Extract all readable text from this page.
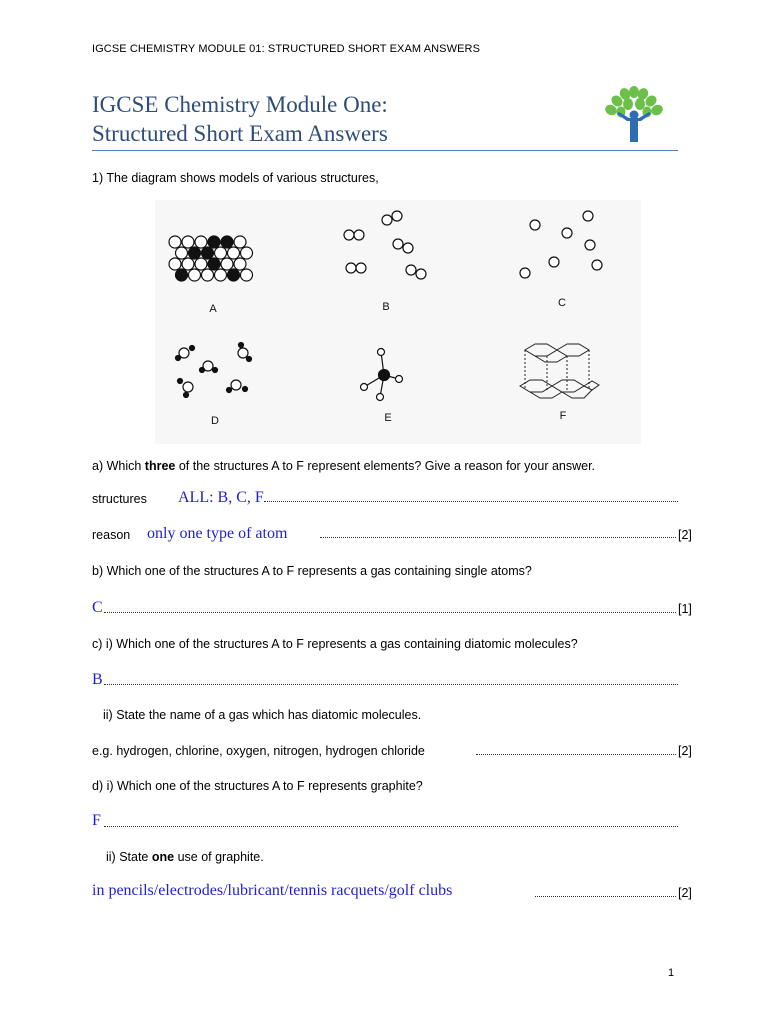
IGCSE CHEMISTRY MODULE 01: STRUCTURED SHORT EXAM ANSWERS
IGCSE Chemistry Module One:
Structured Short Exam Answers
1) The diagram shows models of various structures,
A	B	C
D	E	F
a) Which three of the structures A to F represent elements? Give a reason for your answer.
structures ALL: B, C, F
reason only one type of atom	[2]
b) Which one of the structures A to F represents a gas containing single atoms?
C	[1]
c) i) Which one of the structures A to F represents a gas containing diatomic molecules?
B
ii) State the name of a gas which has diatomic molecules.
e.g. hydrogen, chlorine, oxygen, nitrogen, hydrogen chloride	[2]
d) i) Which one of the structures A to F represents graphite?
F
ii) State one use of graphite.
in pencils/electrodes/lubricant/tennis racquets/golf clubs	[2]
1
